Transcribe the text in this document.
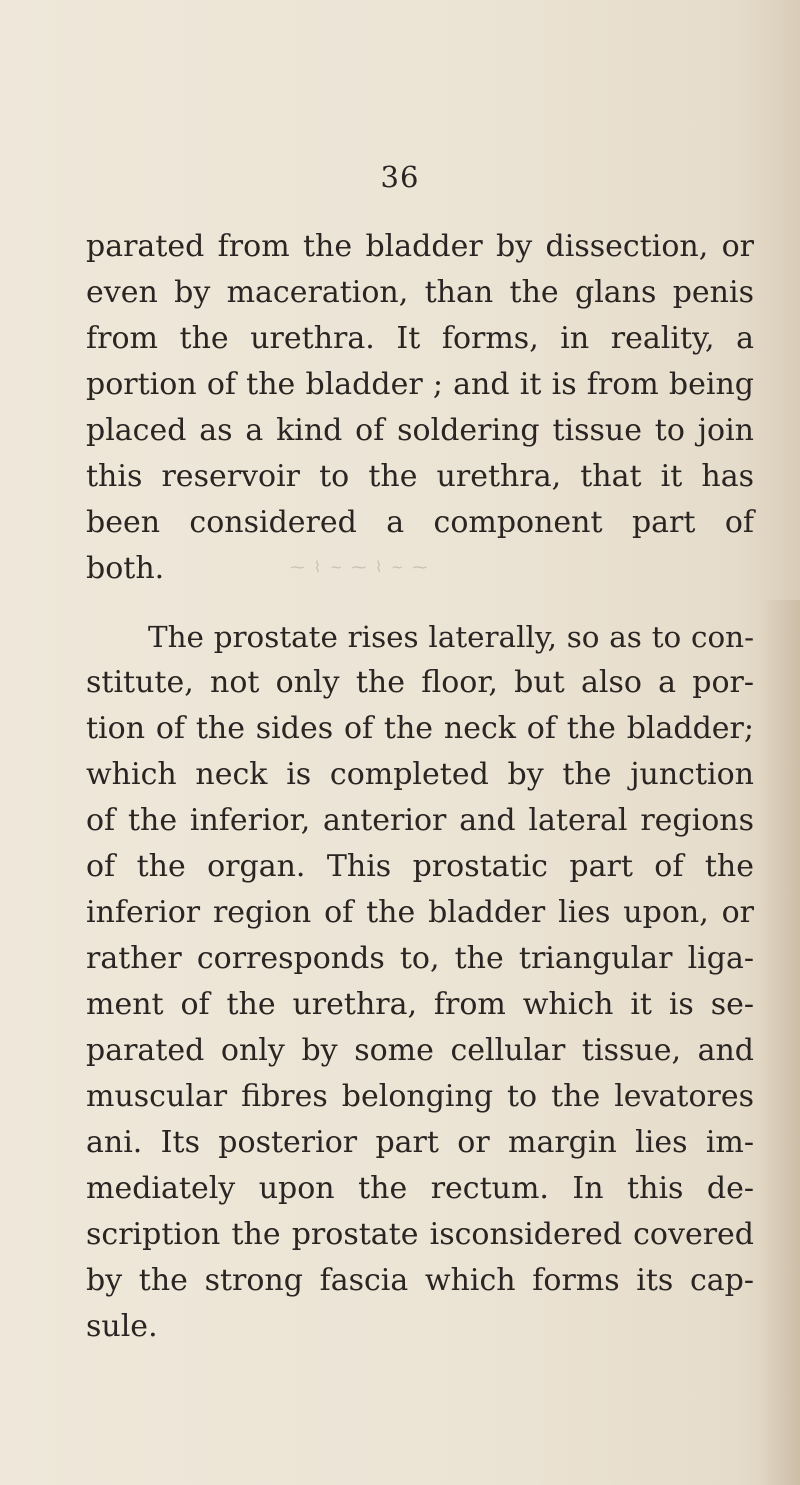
36
parated from the bladder by dissection, or
even by maceration, than the glans penis
from the urethra. It forms, in reality, a
portion of the bladder ; and it is from being
placed as a kind of soldering tissue to join
this reservoir to the urethra, that it has
been considered a component part of
both.	⁓ ⌇ ~ ⁓ ⌇ ~ ⁓
The prostate rises laterally, so as to con-
stitute, not only the floor, but also a por-
tion of the sides of the neck of the bladder;
which neck is completed by the junction
of the inferior, anterior and lateral regions
of the organ. This prostatic part of the
inferior region of the bladder lies upon, or
rather corresponds to, the triangular liga-
ment of the urethra, from which it is se-
parated only by some cellular tissue, and
muscular fibres belonging to the levatores
ani. Its posterior part or margin lies im-
mediately upon the rectum. In this de-
scription the prostate isconsidered covered
by the strong fascia which forms its cap-
sule.
